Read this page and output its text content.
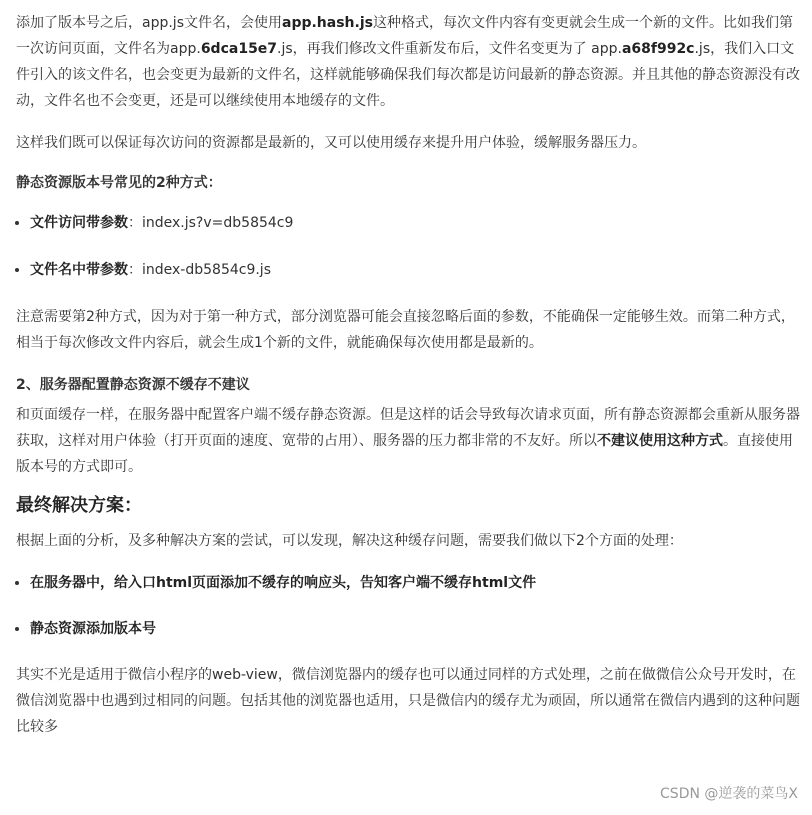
添加了版本号之后，app.js文件名，会使用app.hash.js这种格式，每次文件内容有变更就会生成一个新的文件。比如我们第一次访问页面，文件名为app.6dca15e7.js，再我们修改文件重新发布后，文件名变更为了 app.a68f992c.js，我们入口文件引入的该文件名，也会变更为最新的文件名，这样就能够确保我们每次都是访问最新的静态资源。并且其他的静态资源没有改动，文件名也不会变更，还是可以继续使用本地缓存的文件。

这样我们既可以保证每次访问的资源都是最新的，又可以使用缓存来提升用户体验，缓解服务器压力。

静态资源版本号常见的2种方式：

• 文件访问带参数：index.js?v=db5854c9
• 文件名中带参数：index-db5854c9.js

注意需要第2种方式，因为对于第一种方式，部分浏览器可能会直接忽略后面的参数，不能确保一定能够生效。而第二种方式，相当于每次修改文件内容后，就会生成1个新的文件，就能确保每次使用都是最新的。

2、服务器配置静态资源不缓存不建议

和页面缓存一样，在服务器中配置客户端不缓存静态资源。但是这样的话会导致每次请求页面，所有静态资源都会重新从服务器获取，这样对用户体验（打开页面的速度、宽带的占用）、服务器的压力都非常的不友好。所以不建议使用这种方式。直接使用版本号的方式即可。

最终解决方案：

根据上面的分析，及多种解决方案的尝试，可以发现，解决这种缓存问题，需要我们做以下2个方面的处理：

• 在服务器中，给入口html页面添加不缓存的响应头，告知客户端不缓存html文件
• 静态资源添加版本号

其实不光是适用于微信小程序的web-view，微信浏览器内的缓存也可以通过同样的方式处理，之前在做微信公众号开发时，在微信浏览器中也遇到过相同的问题。包括其他的浏览器也适用，只是微信内的缓存尤为顽固，所以通常在微信内遇到的这种问题比较多

CSDN @逆袭的菜鸟X
